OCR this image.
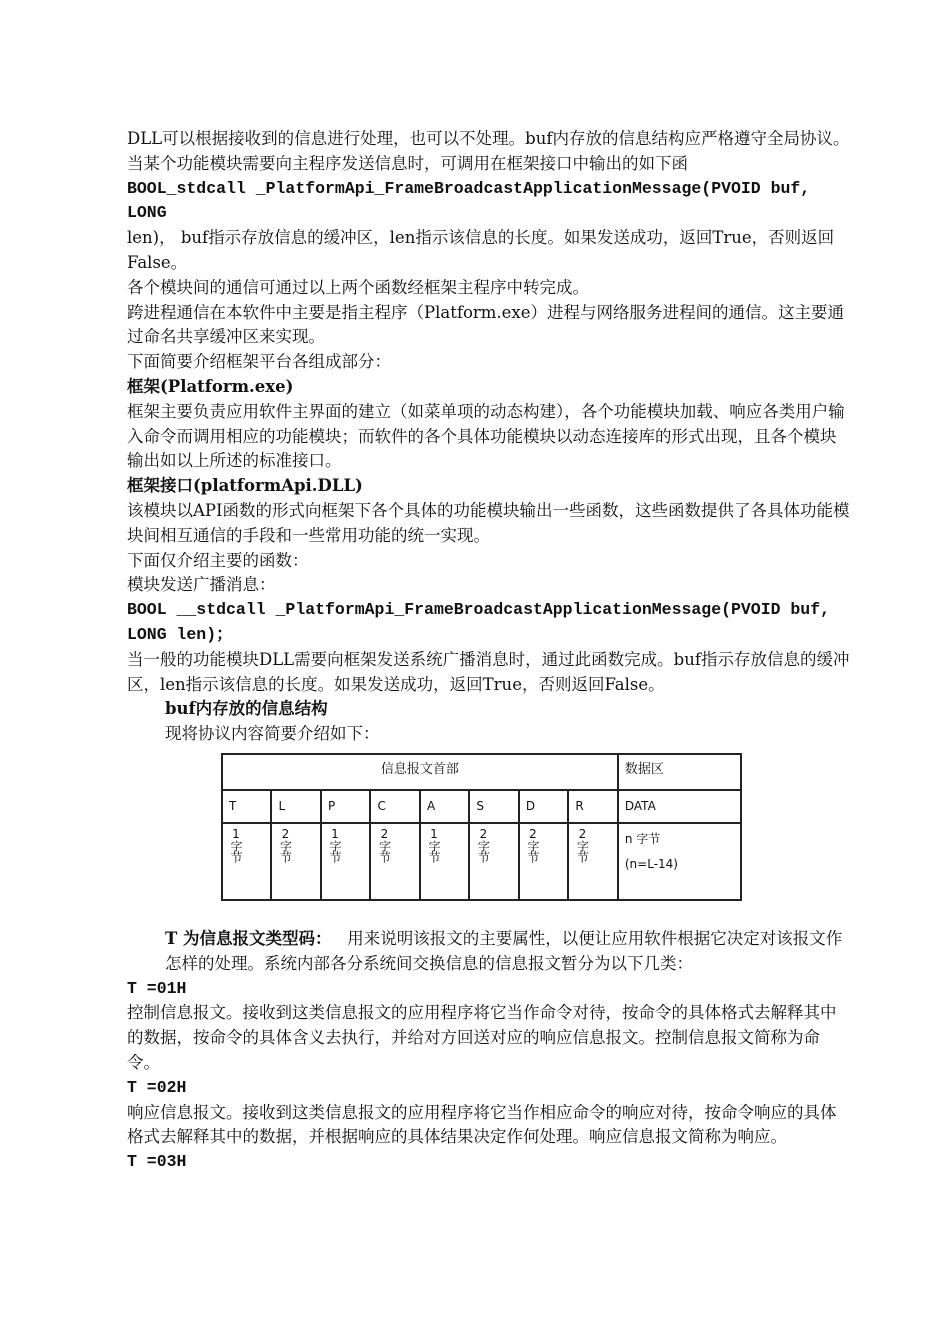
DLL可以根据接收到的信息进行处理，也可以不处理。buf内存放的信息结构应严格遵守全局协议。

当某个功能模块需要向主程序发送信息时，可调用在框架接口中输出的如下函

BOOL_stdcall _PlatformApi_FrameBroadcastApplicationMessage(PVOID buf, LONG

len)， buf指示存放信息的缓冲区，len指示该信息的长度。如果发送成功，返回True，否则返回False。

各个模块间的通信可通过以上两个函数经框架主程序中转完成。

跨进程通信在本软件中主要是指主程序（Platform.exe）进程与网络服务进程间的通信。这主要通过命名共享缓冲区来实现。

下面简要介绍框架平台各组成部分：

框架(Platform.exe)

框架主要负责应用软件主界面的建立（如菜单项的动态构建），各个功能模块加载、响应各类用户输入命令而调用相应的功能模块；而软件的各个具体功能模块以动态连接库的形式出现，且各个模块输出如以上所述的标准接口。

框架接口(platformApi.DLL)

该模块以API函数的形式向框架下各个具体的功能模块输出一些函数，这些函数提供了各具体功能模块间相互通信的手段和一些常用功能的统一实现。

下面仅介绍主要的函数：

模块发送广播消息：

BOOL __stdcall _PlatformApi_FrameBroadcastApplicationMessage(PVOID buf,

LONG len)；

当一般的功能模块DLL需要向框架发送系统广播消息时，通过此函数完成。buf指示存放信息的缓冲区，len指示该信息的长度。如果发送成功，返回True，否则返回False。

buf内存放的信息结构

现将协议内容简要介绍如下：

信息报文首部								数据区
T	L	P	C	A	S	D	R	DATA
1字节	2字节	1字节	2字节	1字节	2字节	2字节	2字节	n 字节
(n=L-14)

T 为信息报文类型码： 用来说明该报文的主要属性，以便让应用软件根据它决定对该报文作怎样的处理。系统内部各分系统间交换信息的信息报文暂分为以下几类：

T =01H

控制信息报文。接收到这类信息报文的应用程序将它当作命令对待，按命令的具体格式去解释其中的数据，按命令的具体含义去执行，并给对方回送对应的响应信息报文。控制信息报文简称为命令。

T =02H

响应信息报文。接收到这类信息报文的应用程序将它当作相应命令的响应对待，按命令响应的具体格式去解释其中的数据，并根据响应的具体结果决定作何处理。响应信息报文简称为响应。

T =03H
